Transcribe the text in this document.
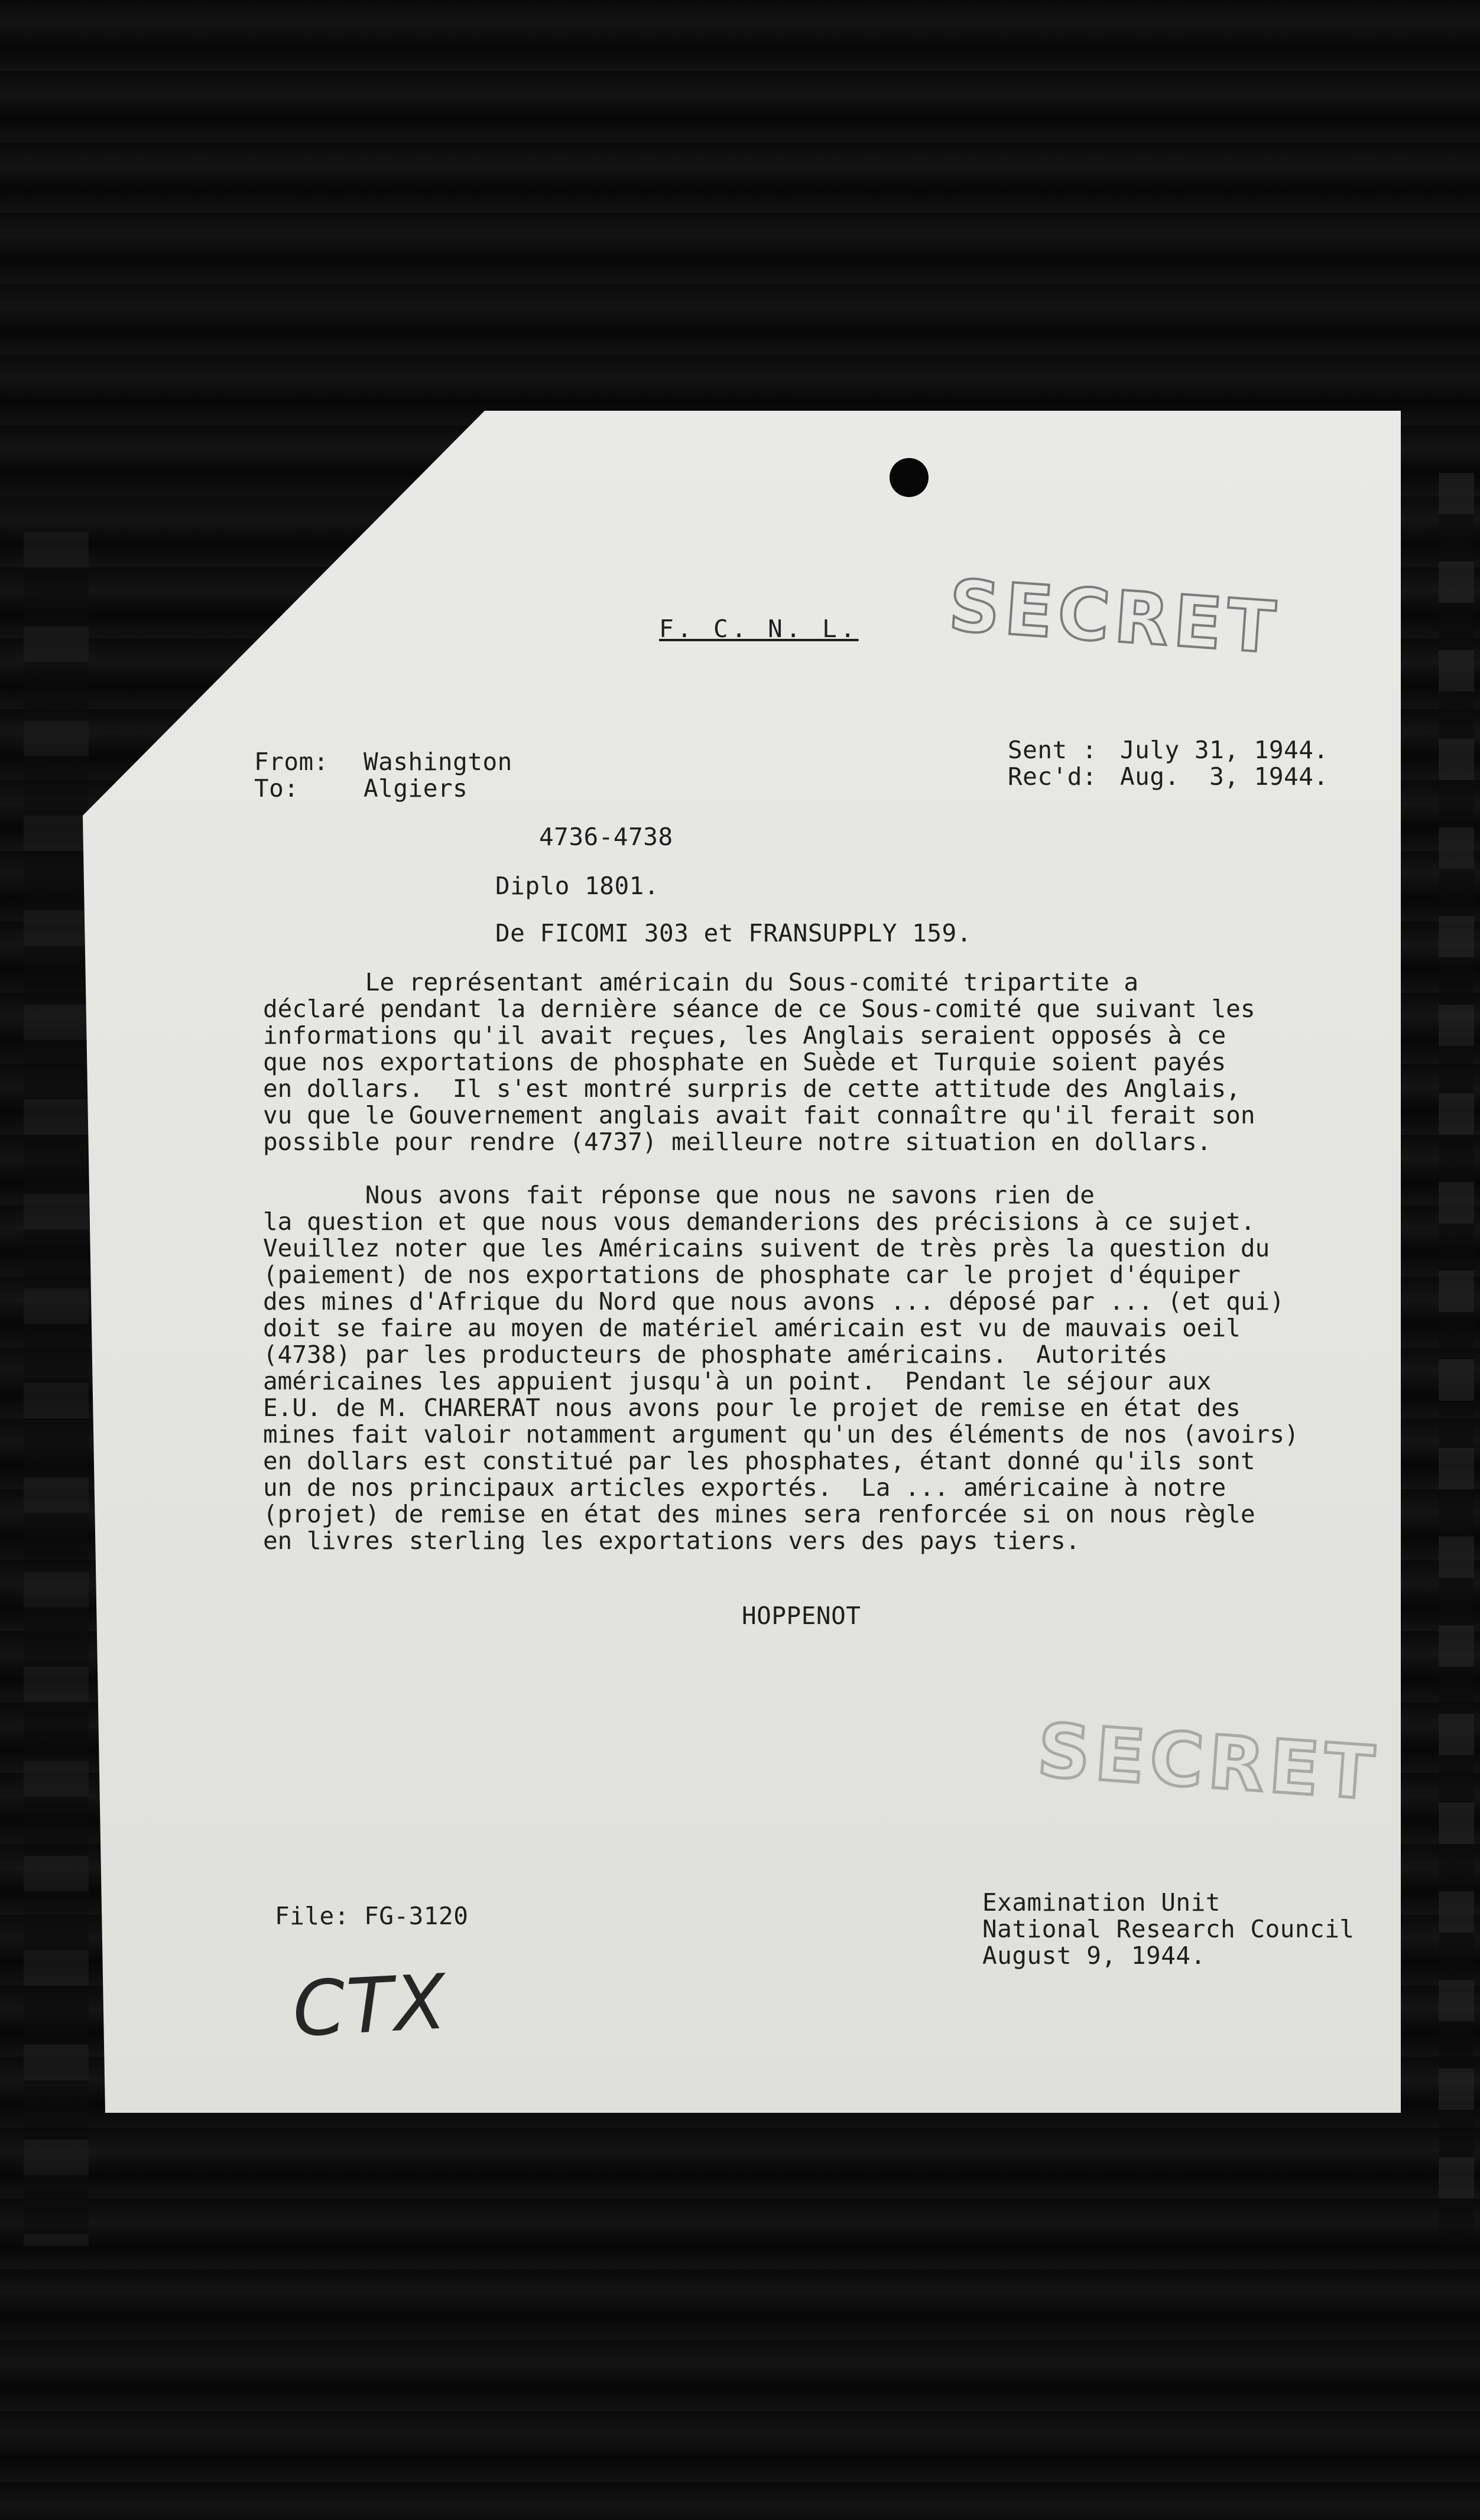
F. C. N. L. SECRET
From: Washington
To:	Algiers
Sent : July 31, 1944.
Rec'd: Aug.  3, 1944.
4736-4738
Diplo 1801.
De FICOMI 303 et FRANSUPPLY 159.
Le représentant américain du Sous-comité tripartite a
déclaré pendant la dernière séance de ce Sous-comité que suivant les
informations qu'il avait reçues, les Anglais seraient opposés à ce
que nos exportations de phosphate en Suède et Turquie soient payés
en dollars.  Il s'est montré surpris de cette attitude des Anglais,
vu que le Gouvernement anglais avait fait connaître qu'il ferait son
possible pour rendre (4737) meilleure notre situation en dollars.
Nous avons fait réponse que nous ne savons rien de
la question et que nous vous demanderions des précisions à ce sujet.
Veuillez noter que les Américains suivent de très près la question du
(paiement) de nos exportations de phosphate car le projet d'équiper
des mines d'Afrique du Nord que nous avons ... déposé par ... (et qui)
doit se faire au moyen de matériel américain est vu de mauvais oeil
(4738) par les producteurs de phosphate américains.  Autorités
américaines les appuient jusqu'à un point.  Pendant le séjour aux
E.U. de M. CHARERAT nous avons pour le projet de remise en état des
mines fait valoir notamment argument qu'un des éléments de nos (avoirs)
en dollars est constitué par les phosphates, étant donné qu'ils sont
un de nos principaux articles exportés.  La ... américaine à notre
(projet) de remise en état des mines sera renforcée si on nous règle
en livres sterling les exportations vers des pays tiers.
HOPPENOT
SECRET
File: FG-3120	Examination Unit
National Research Council
August 9, 1944.
CTX
